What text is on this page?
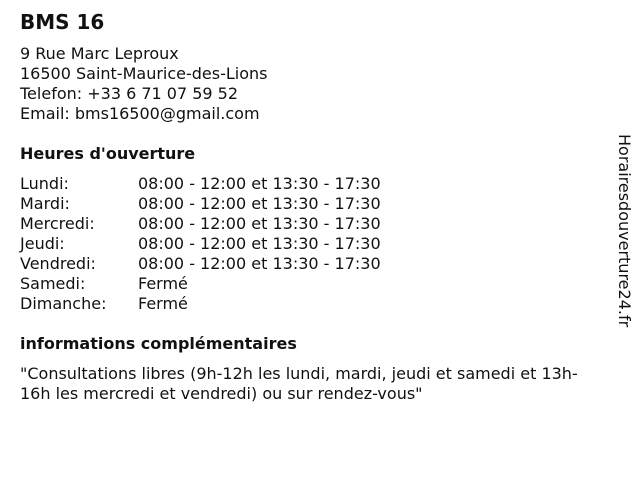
BMS 16
9 Rue Marc Leproux
16500 Saint-Maurice-des-Lions
Telefon: +33 6 71 07 59 52
Email: bms16500@gmail.com
Heures d'ouverture
Lundi:	08:00 - 12:00 et 13:30 - 17:30
Mardi:	08:00 - 12:00 et 13:30 - 17:30
Mercredi:	08:00 - 12:00 et 13:30 - 17:30
Jeudi:	08:00 - 12:00 et 13:30 - 17:30
Vendredi:	08:00 - 12:00 et 13:30 - 17:30
Samedi:	Fermé
Dimanche:	Fermé
informations complémentaires
"Consultations libres (9h-12h les lundi, mardi, jeudi et samedi et 13h-16h les mercredi et vendredi) ou sur rendez-vous"
Horairesdouverture24.fr
